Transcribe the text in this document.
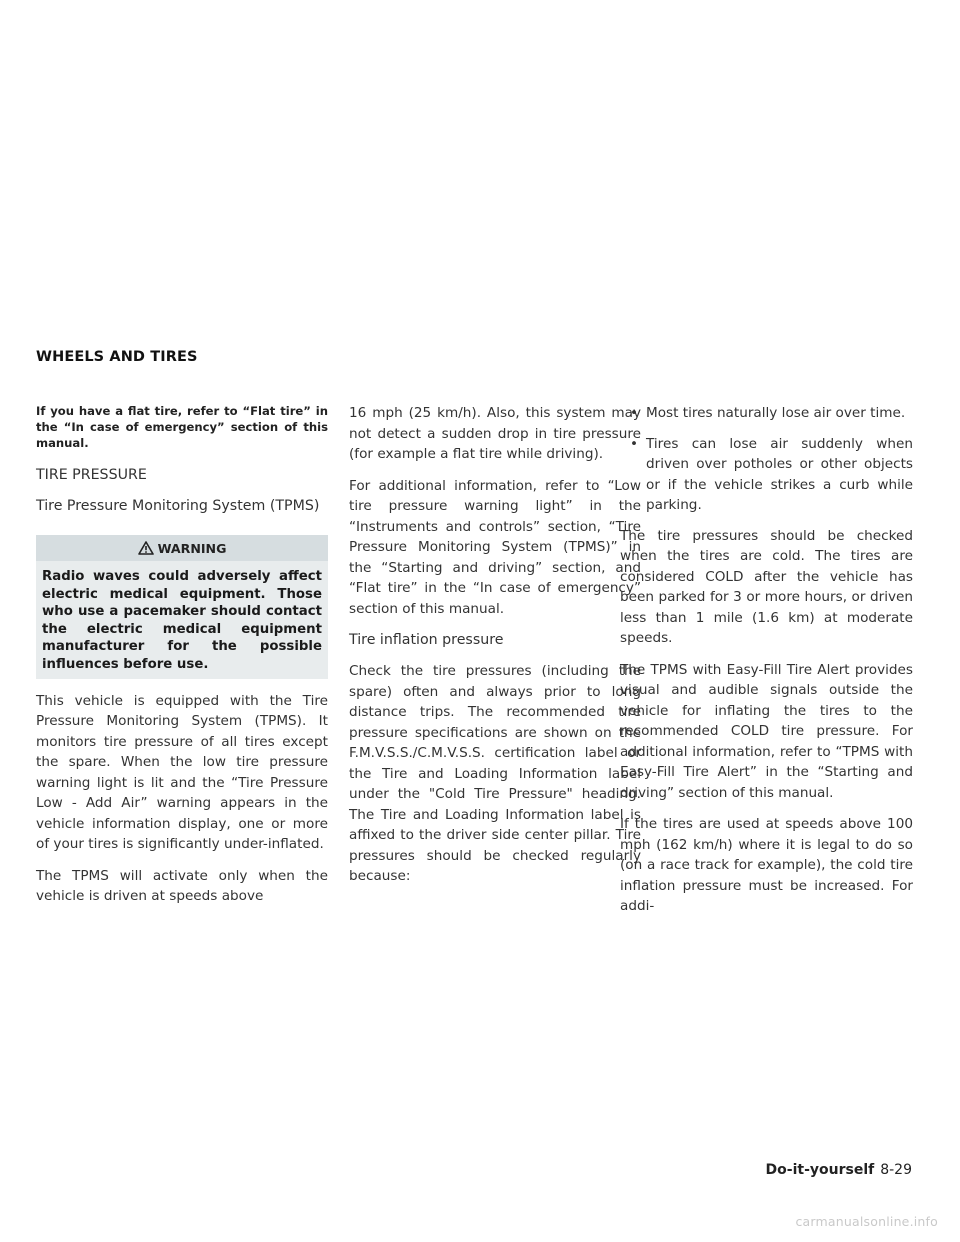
WHEELS AND TIRES

If you have a flat tire, refer to “Flat tire” in the “In case of emergency” section of this manual.

TIRE PRESSURE

Tire Pressure Monitoring System (TPMS)

WARNING
Radio waves could adversely affect electric medical equipment. Those who use a pacemaker should contact the electric medical equipment manufacturer for the possible influences before use.

This vehicle is equipped with the Tire Pressure Monitoring System (TPMS). It monitors tire pressure of all tires except the spare. When the low tire pressure warning light is lit and the “Tire Pressure Low - Add Air” warning appears in the vehicle information display, one or more of your tires is significantly under-inflated.

The TPMS will activate only when the vehicle is driven at speeds above

16 mph (25 km/h). Also, this system may not detect a sudden drop in tire pressure (for example a flat tire while driving).

For additional information, refer to “Low tire pressure warning light” in the “Instruments and controls” section, “Tire Pressure Monitoring System (TPMS)” in the “Starting and driving” section, and “Flat tire” in the “In case of emergency” section of this manual.

Tire inflation pressure

Check the tire pressures (including the spare) often and always prior to long distance trips. The recommended tire pressure specifications are shown on the F.M.V.S.S./C.M.V.S.S. certification label or the Tire and Loading Information label under the "Cold Tire Pressure" heading. The Tire and Loading Information label is affixed to the driver side center pillar. Tire pressures should be checked regularly because:

• Most tires naturally lose air over time.
• Tires can lose air suddenly when driven over potholes or other objects or if the vehicle strikes a curb while parking.

The tire pressures should be checked when the tires are cold. The tires are considered COLD after the vehicle has been parked for 3 or more hours, or driven less than 1 mile (1.6 km) at moderate speeds.

The TPMS with Easy-Fill Tire Alert provides visual and audible signals outside the vehicle for inflating the tires to the recommended COLD tire pressure. For additional information, refer to “TPMS with Easy-Fill Tire Alert” in the “Starting and driving” section of this manual.

If the tires are used at speeds above 100 mph (162 km/h) where it is legal to do so (on a race track for example), the cold tire inflation pressure must be increased. For addi-

Do-it-yourself 8-29
carmanualsonline.info
